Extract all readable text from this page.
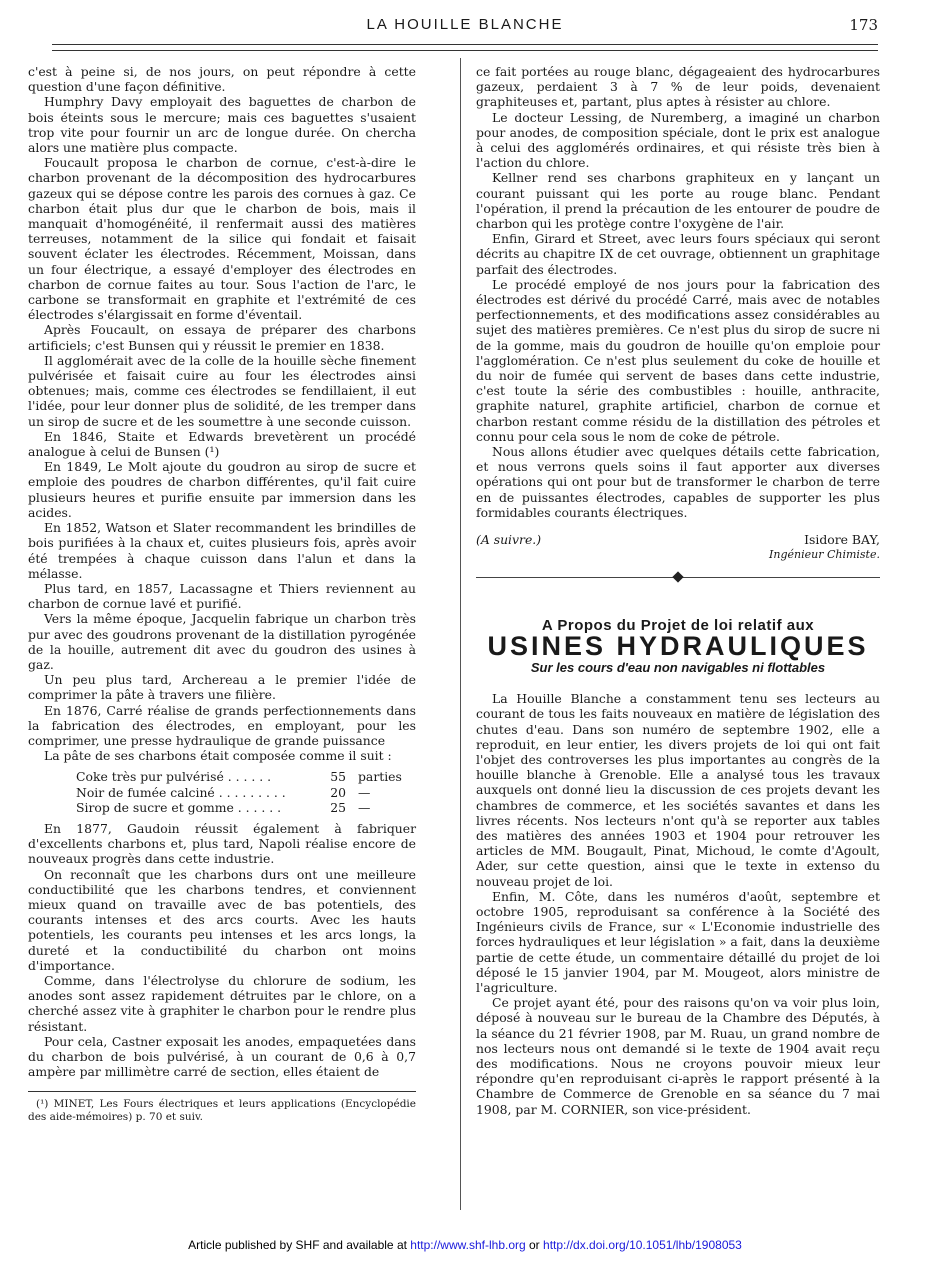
LA HOUILLE BLANCHE	173

c'est à peine si, de nos jours, on peut répondre à cette question d'une façon définitive.

Humphry Davy employait des baguettes de charbon de bois éteints sous le mercure; mais ces baguettes s'usaient trop vite pour fournir un arc de longue durée. On chercha alors une matière plus compacte.

Foucault proposa le charbon de cornue, c'est-à-dire le charbon provenant de la décomposition des hydrocarbures gazeux qui se dépose contre les parois des cornues à gaz. Ce charbon était plus dur que le charbon de bois, mais il manquait d'homogénéité, il renfermait aussi des matières terreuses, notamment de la silice qui fondait et faisait souvent éclater les électrodes. Récemment, Moissan, dans un four électrique, a essayé d'employer des électrodes en charbon de cornue faites au tour. Sous l'action de l'arc, le carbone se transformait en graphite et l'extrémité de ces électrodes s'élargissait en forme d'éventail.

Après Foucault, on essaya de préparer des charbons artificiels; c'est Bunsen qui y réussit le premier en 1838.

Il agglomérait avec de la colle de la houille sèche finement pulvérisée et faisait cuire au four les électrodes ainsi obtenues; mais, comme ces électrodes se fendillaient, il eut l'idée, pour leur donner plus de solidité, de les tremper dans un sirop de sucre et de les soumettre à une seconde cuisson.

En 1846, Staite et Edwards brevetèrent un procédé analogue à celui de Bunsen (¹)

En 1849, Le Molt ajoute du goudron au sirop de sucre et emploie des poudres de charbon différentes, qu'il fait cuire plusieurs heures et purifie ensuite par immersion dans les acides.

En 1852, Watson et Slater recommandent les brindilles de bois purifiées à la chaux et, cuites plusieurs fois, après avoir été trempées à chaque cuisson dans l'alun et dans la mélasse.

Plus tard, en 1857, Lacassagne et Thiers reviennent au charbon de cornue lavé et purifié.

Vers la même époque, Jacquelin fabrique un charbon très pur avec des goudrons provenant de la distillation pyrogénée de la houille, autrement dit avec du goudron des usines à gaz.

Un peu plus tard, Archereau a le premier l'idée de comprimer la pâte à travers une filière.

En 1876, Carré réalise de grands perfectionnements dans la fabrication des électrodes, en employant, pour les comprimer, une presse hydraulique de grande puissance

La pâte de ses charbons était composée comme il suit :

Coke très pur pulvérisé . . . . . .	55 parties
Noir de fumée calciné . . . . . . . . .	20 —
Sirop de sucre et gomme . . . . . .	25 —

En 1877, Gaudoin réussit également à fabriquer d'excellents charbons et, plus tard, Napoli réalise encore de nouveaux progrès dans cette industrie.

On reconnaît que les charbons durs ont une meilleure conductibilité que les charbons tendres, et conviennent mieux quand on travaille avec de bas potentiels, des courants intenses et des arcs courts. Avec les hauts potentiels, les courants peu intenses et les arcs longs, la dureté et la conductibilité du charbon ont moins d'importance.

Comme, dans l'électrolyse du chlorure de sodium, les anodes sont assez rapidement détruites par le chlore, on a cherché assez vite à graphiter le charbon pour le rendre plus résistant.

Pour cela, Castner exposait les anodes, empaquetées dans du charbon de bois pulvérisé, à un courant de 0,6 à 0,7 ampère par millimètre carré de section, elles étaient de

(¹) MINET, Les Fours électriques et leurs applications (Encyclopédie des aide-mémoires) p. 70 et suiv.

ce fait portées au rouge blanc, dégageaient des hydrocarbures gazeux, perdaient 3 à 7 % de leur poids, devenaient graphiteuses et, partant, plus aptes à résister au chlore.

Le docteur Lessing, de Nuremberg, a imaginé un charbon pour anodes, de composition spéciale, dont le prix est analogue à celui des agglomérés ordinaires, et qui résiste très bien à l'action du chlore.

Kellner rend ses charbons graphiteux en y lançant un courant puissant qui les porte au rouge blanc. Pendant l'opération, il prend la précaution de les entourer de poudre de charbon qui les protège contre l'oxygène de l'air.

Enfin, Girard et Street, avec leurs fours spéciaux qui seront décrits au chapitre IX de cet ouvrage, obtiennent un graphitage parfait des électrodes.

Le procédé employé de nos jours pour la fabrication des électrodes est dérivé du procédé Carré, mais avec de notables perfectionnements, et des modifications assez considérables au sujet des matières premières. Ce n'est plus du sirop de sucre ni de la gomme, mais du goudron de houille qu'on emploie pour l'agglomération. Ce n'est plus seulement du coke de houille et du noir de fumée qui servent de bases dans cette industrie, c'est toute la série des combustibles : houille, anthracite, graphite naturel, graphite artificiel, charbon de cornue et charbon restant comme résidu de la distillation des pétroles et connu pour cela sous le nom de coke de pétrole.

Nous allons étudier avec quelques détails cette fabrication, et nous verrons quels soins il faut apporter aux diverses opérations qui ont pour but de transformer le charbon de terre en de puissantes électrodes, capables de supporter les plus formidables courants électriques.

(A suivre.)	Isidore BAY,
Ingénieur Chimiste.
A Propos du Projet de loi relatif aux
USINES HYDRAULIQUES
Sur les cours d'eau non navigables ni flottables

La Houille Blanche a constamment tenu ses lecteurs au courant de tous les faits nouveaux en matière de législation des chutes d'eau. Dans son numéro de septembre 1902, elle a reproduit, en leur entier, les divers projets de loi qui ont fait l'objet des controverses les plus importantes au congrès de la houille blanche à Grenoble. Elle a analysé tous les travaux auxquels ont donné lieu la discussion de ces projets devant les chambres de commerce, et les sociétés savantes et dans les livres récents. Nos lecteurs n'ont qu'à se reporter aux tables des matières des années 1903 et 1904 pour retrouver les articles de MM. Bougault, Pinat, Michoud, le comte d'Agoult, Ader, sur cette question, ainsi que le texte in extenso du nouveau projet de loi.

Enfin, M. Côte, dans les numéros d'août, septembre et octobre 1905, reproduisant sa conférence à la Société des Ingénieurs civils de France, sur « L'Economie industrielle des forces hydrauliques et leur législation » a fait, dans la deuxième partie de cette étude, un commentaire détaillé du projet de loi déposé le 15 janvier 1904, par M. Mougeot, alors ministre de l'agriculture.

Ce projet ayant été, pour des raisons qu'on va voir plus loin, déposé à nouveau sur le bureau de la Chambre des Députés, à la séance du 21 février 1908, par M. Ruau, un grand nombre de nos lecteurs nous ont demandé si le texte de 1904 avait reçu des modifications. Nous ne croyons pouvoir mieux leur répondre qu'en reproduisant ci-après le rapport présenté à la Chambre de Commerce de Grenoble en sa séance du 7 mai 1908, par M. CORNIER, son vice-président.

Article published by SHF and available at http://www.shf-lhb.org or http://dx.doi.org/10.1051/lhb/1908053
